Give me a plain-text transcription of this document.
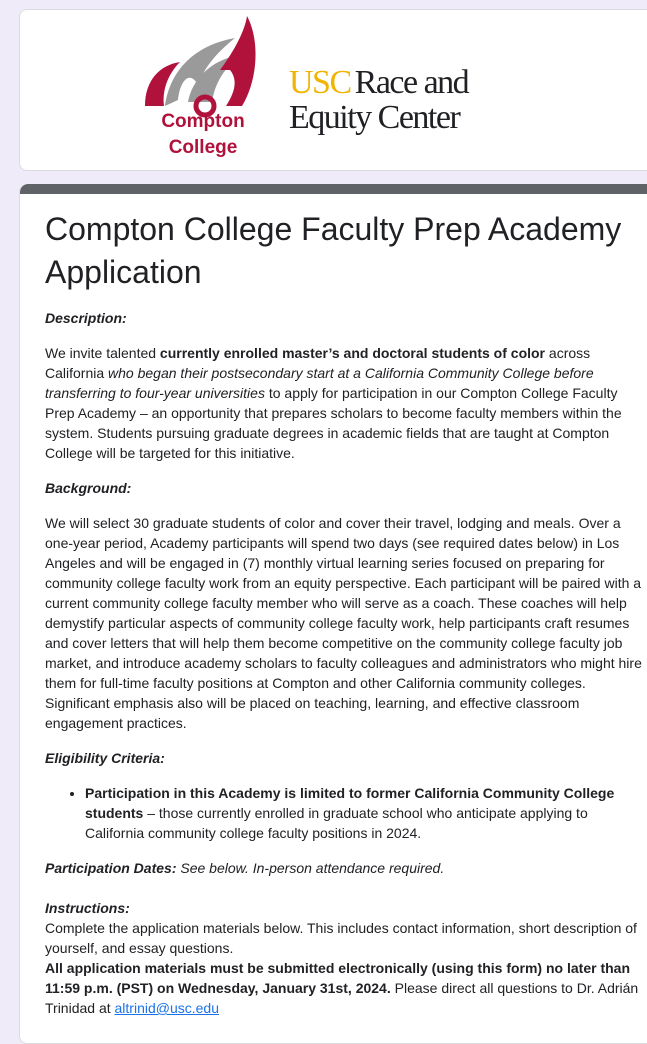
Compton
College
USC Race and
Equity Center
Compton College Faculty Prep Academy Application

Description:

We invite talented currently enrolled master’s and doctoral students of color across California who began their postsecondary start at a California Community College before transferring to four-year universities to apply for participation in our Compton College Faculty Prep Academy – an opportunity that prepares scholars to become faculty members within the system. Students pursuing graduate degrees in academic fields that are taught at Compton College will be targeted for this initiative.

Background:

We will select 30 graduate students of color and cover their travel, lodging and meals. Over a one-year period, Academy participants will spend two days (see required dates below) in Los Angeles and will be engaged in (7) monthly virtual learning series focused on preparing for community college faculty work from an equity perspective. Each participant will be paired with a current community college faculty member who will serve as a coach. These coaches will help demystify particular aspects of community college faculty work, help participants craft resumes and cover letters that will help them become competitive on the community college faculty job market, and introduce academy scholars to faculty colleagues and administrators who might hire them for full-time faculty positions at Compton and other California community colleges. Significant emphasis also will be placed on teaching, learning, and effective classroom engagement practices.

Eligibility Criteria:

• Participation in this Academy is limited to former California Community College students – those currently enrolled in graduate school who anticipate applying to California community college faculty positions in 2024.

Participation Dates: See below. In-person attendance required.

Instructions:
Complete the application materials below. This includes contact information, short description of yourself, and essay questions.
All application materials must be submitted electronically (using this form) no later than 11:59 p.m. (PST) on Wednesday, January 31st, 2024. Please direct all questions to Dr. Adrián Trinidad at altrinid@usc.edu
